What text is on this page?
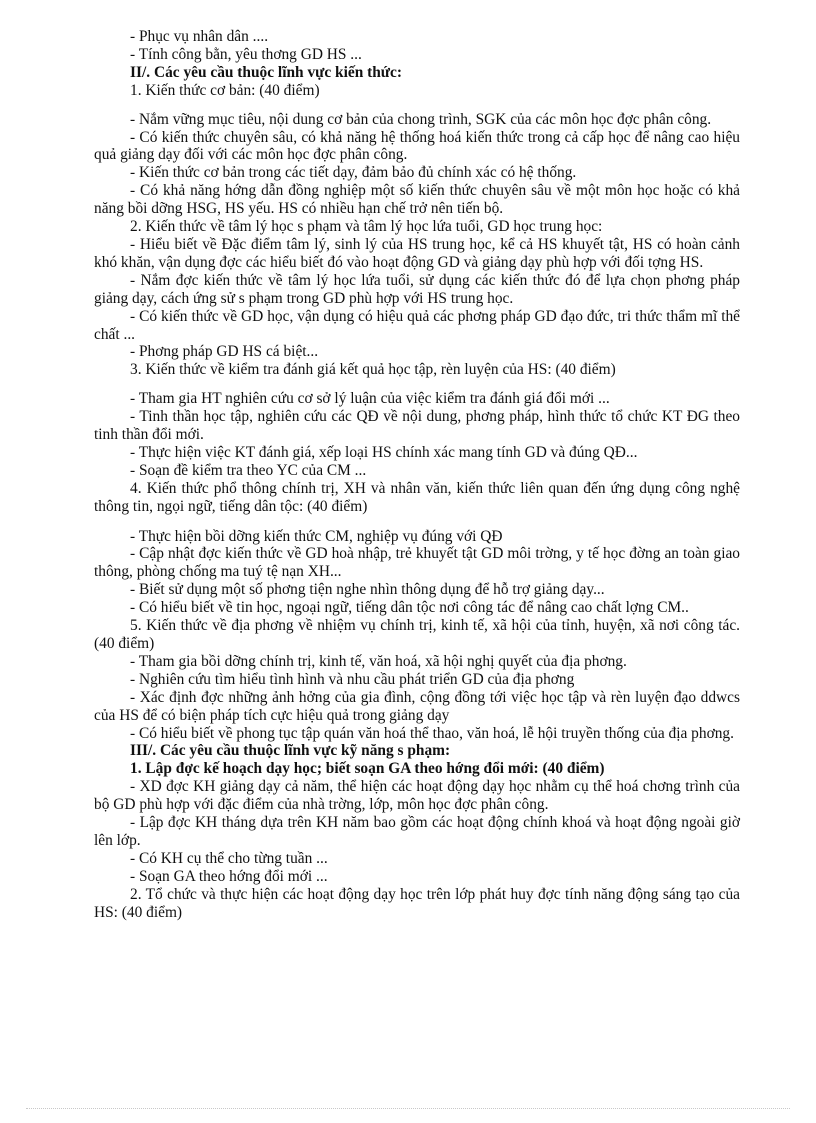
- Phục vụ nhân dân ....

- Tính công bằn, yêu thơng GD HS ...

II/. Các yêu cầu thuộc lĩnh vực kiến thức:

1. Kiến thức cơ bản: (40 điểm)

- Nắm vững mục tiêu, nội dung cơ bản của chong trình, SGK của các môn học đợc phân công.

- Có kiến thức chuyên sâu, có khả năng hệ thống hoá kiến thức trong cả cấp học để nâng cao hiệu quả giảng dạy đối với các môn học đợc phân công.

- Kiến thức cơ bản trong các tiết dạy, đảm bảo đủ chính xác có hệ thống.

- Có khả năng hớng dẫn đồng nghiệp một số kiến thức chuyên sâu về một môn học hoặc có khả năng bồi dỡng HSG, HS yếu. HS có nhiều hạn chế trở nên tiến bộ.

2. Kiến thức về tâm lý học s phạm và tâm lý học lứa tuổi, GD học trung học:

- Hiểu biết về Đặc điểm tâm lý, sinh lý của HS trung học, kể cả HS khuyết tật, HS có hoàn cảnh khó khăn, vận dụng đợc các hiểu biết đó vào hoạt động GD và giảng dạy phù hợp với đối tợng HS.

- Nắm đợc kiến thức về tâm lý học lứa tuổi, sử dụng các kiến thức đó để lựa chọn phơng pháp giảng dạy, cách ứng sử s phạm trong GD phù hợp với HS trung học.

- Có kiến thức về GD học, vận dụng có hiệu quả các phơng pháp GD đạo đức, tri thức thẩm mĩ thể chất ...

- Phơng pháp GD HS cá biệt...

3. Kiến thức về kiểm tra đánh giá kết quả học tập, rèn luyện của HS: (40 điểm)

- Tham gia HT nghiên cứu cơ sở lý luận của việc kiểm tra đánh giá đổi mới ...

- Tinh thần học tập, nghiên cứu các QĐ về nội dung, phơng pháp, hình thức tổ chức KT ĐG theo tinh thần đổi mới.

- Thực hiện việc KT đánh giá, xếp loại HS chính xác mang tính GD và đúng QĐ...

- Soạn đề kiểm tra theo YC của CM ...

4. Kiến thức phổ thông chính trị, XH và nhân văn, kiến thức liên quan đến ứng dụng công nghệ thông tin, ngọi ngữ, tiếng dân tộc: (40 điểm)

- Thực hiện bồi dỡng kiến thức CM, nghiệp vụ đúng với QĐ

- Cập nhật đợc kiến thức về GD hoà nhập, trẻ khuyết tật GD môi trờng, y tế học đờng an toàn giao thông, phòng chống ma tuý tệ nạn XH...

- Biết sử dụng một số phơng tiện nghe nhìn thông dụng để hỗ trợ giảng dạy...

- Có hiểu biết về tin học, ngoại ngữ, tiếng dân tộc nơi công tác để nâng cao chất lợng CM..

5. Kiến thức về địa phơng về nhiệm vụ chính trị, kinh tế, xã hội của tỉnh, huyện, xã nơi công tác. (40 điểm)

- Tham gia bồi dỡng chính trị, kinh tế, văn hoá, xã hội nghị quyết của địa phơng.

- Nghiên cứu tìm hiểu tình hình và nhu cầu phát triển GD của địa phơng

- Xác định đợc những ảnh hởng của gia đình, cộng đồng tới việc học tập và rèn luyện đạo ddwcs của HS để có biện pháp tích cực hiệu quả trong giảng dạy

- Có hiểu biết về phong tục tập quán văn hoá thể thao, văn hoá, lễ hội truyền thống của địa phơng.

III/. Các yêu cầu thuộc lĩnh vực kỹ năng s phạm:

1. Lập đợc kế hoạch dạy học; biết soạn GA theo hớng đổi mới: (40 điểm)

- XD đợc KH giảng dạy cả năm, thể hiện các hoạt động dạy học nhằm cụ thể hoá chơng trình của bộ GD phù hợp với đặc điểm của nhà trờng, lớp, môn học đợc phân công.

- Lập đợc KH tháng dựa trên KH năm bao gồm các hoạt động chính khoá và hoạt động ngoài giờ lên lớp.

- Có KH cụ thể cho từng tuần ...

- Soạn GA theo hớng đổi mới ...

2. Tổ chức và thực hiện các hoạt động dạy học trên lớp phát huy đợc tính năng động sáng tạo của HS: (40 điểm)
